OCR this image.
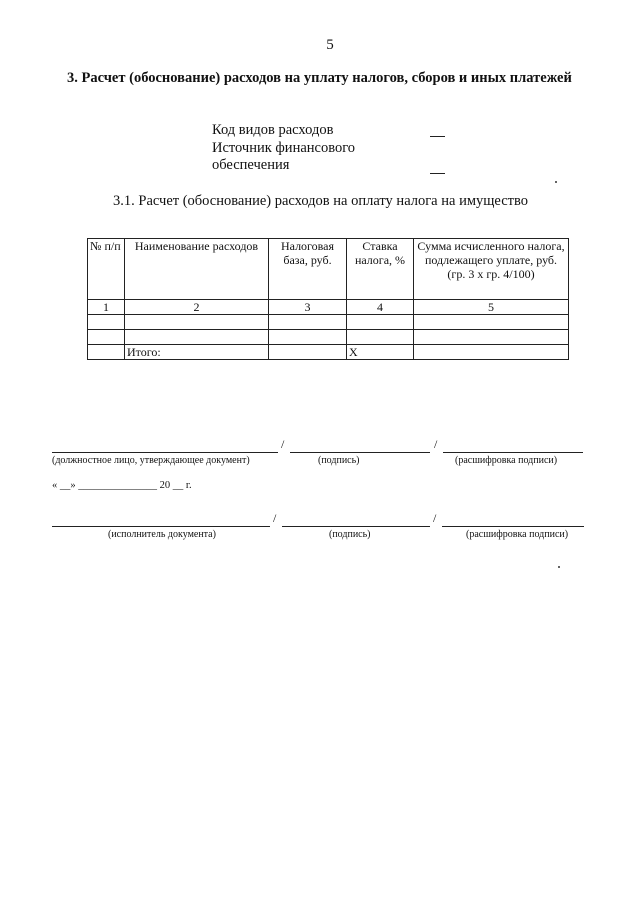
5
3. Расчет (обоснование) расходов на уплату налогов, сборов и иных платежей
Код видов расходов
Источник финансового
обеспечения
3.1. Расчет (обоснование) расходов на оплату налога на имущество
№ п/п	Наименование расходов	Налоговая база, руб.	Ставка налога, %	Сумма исчисленного налога, подлежащего уплате, руб. (гр. 3 х гр. 4/100)
1	2	3	4	5

	Итого:		Х	
/	/
(должностное лицо, утверждающее документ)	(подпись)	(расшифровка подписи)
« __» _______________ 20 __ г.
/	/
(исполнитель документа)	(подпись)	(расшифровка подписи)
